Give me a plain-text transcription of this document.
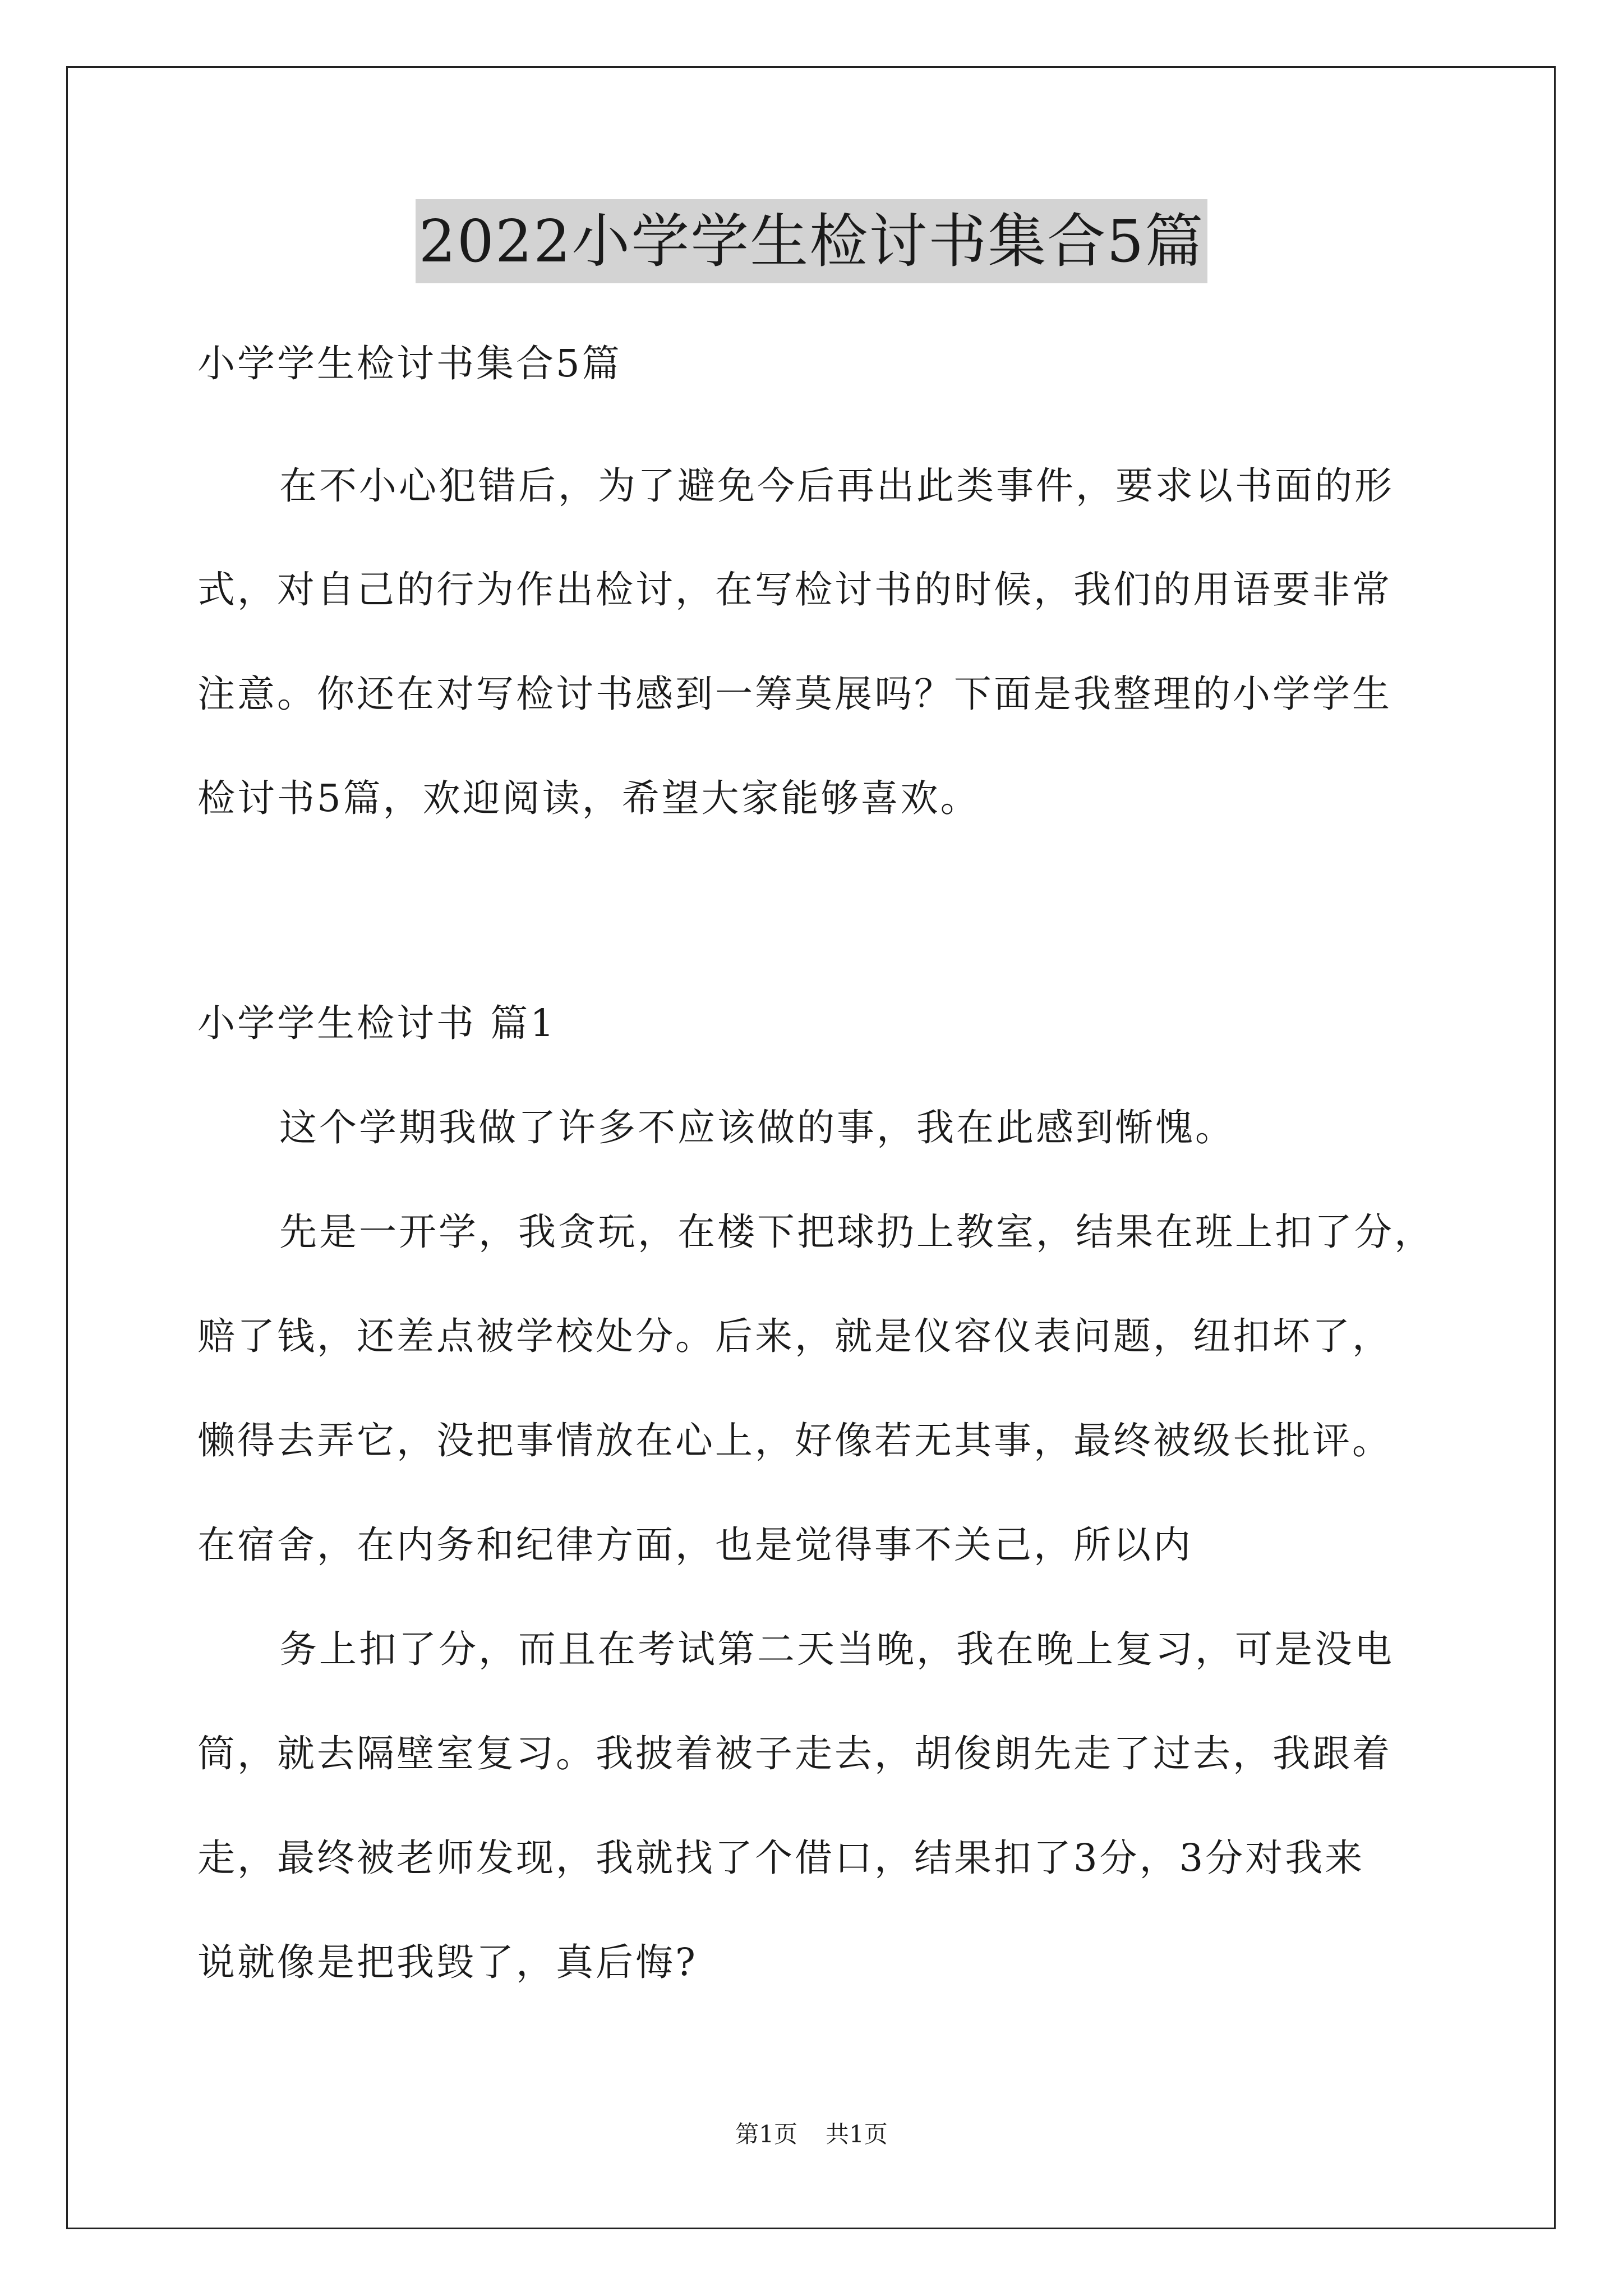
2022小学学生检讨书集合5篇
小学学生检讨书集合5篇
在不小心犯错后，为了避免今后再出此类事件，要求以书面的形
式，对自己的行为作出检讨，在写检讨书的时候，我们的用语要非常
注意。你还在对写检讨书感到一筹莫展吗？下面是我整理的小学学生
检讨书5篇，欢迎阅读，希望大家能够喜欢。
小学学生检讨书 篇1
这个学期我做了许多不应该做的事，我在此感到惭愧。
先是一开学，我贪玩，在楼下把球扔上教室，结果在班上扣了分，
赔了钱，还差点被学校处分。后来，就是仪容仪表问题，纽扣坏了，
懒得去弄它，没把事情放在心上，好像若无其事，最终被级长批评。
在宿舍，在内务和纪律方面，也是觉得事不关己，所以内
务上扣了分，而且在考试第二天当晚，我在晚上复习，可是没电
筒，就去隔壁室复习。我披着被子走去，胡俊朗先走了过去，我跟着
走，最终被老师发现，我就找了个借口，结果扣了3分，3分对我来
说就像是把我毁了，真后悔?
第1页 共1页
